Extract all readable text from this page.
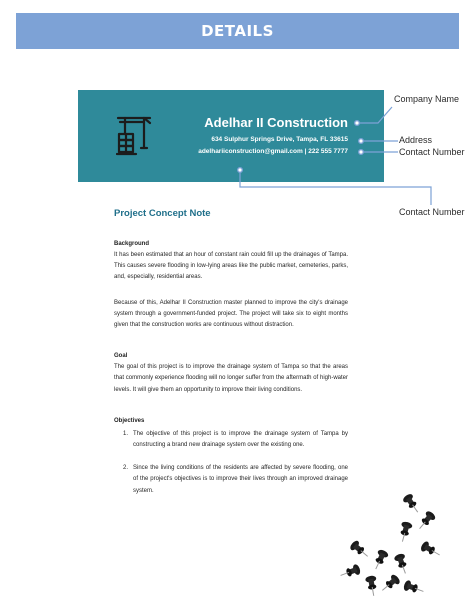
DETAILS
Adelhar II Construction
634 Sulphur Springs Drive, Tampa, FL 33615
adelhariiconstruction@gmail.com | 222 555 7777
Company Name
Address
Contact Number
Contact Number
Project Concept Note
Background

It has been estimated that an hour of constant rain could fill up the drainages of Tampa. This causes severe flooding in low-lying areas like the public market, cemeteries, parks, and, especially, residential areas.

Because of this, Adelhar II Construction master planned to improve the city's drainage system through a government-funded project. The project will take six to eight months given that the construction works are continuous without distraction.

Goal

The goal of this project is to improve the drainage system of Tampa so that the areas that commonly experience flooding will no longer suffer from the aftermath of high-water levels. It will give them an opportunity to improve their living conditions.

Objectives
1. The objective of this project is to improve the drainage system of Tampa by constructing a brand new drainage system over the existing one.
2. Since the living conditions of the residents are affected by severe flooding, one of the project's objectives is to improve their lives through an improved drainage system.
